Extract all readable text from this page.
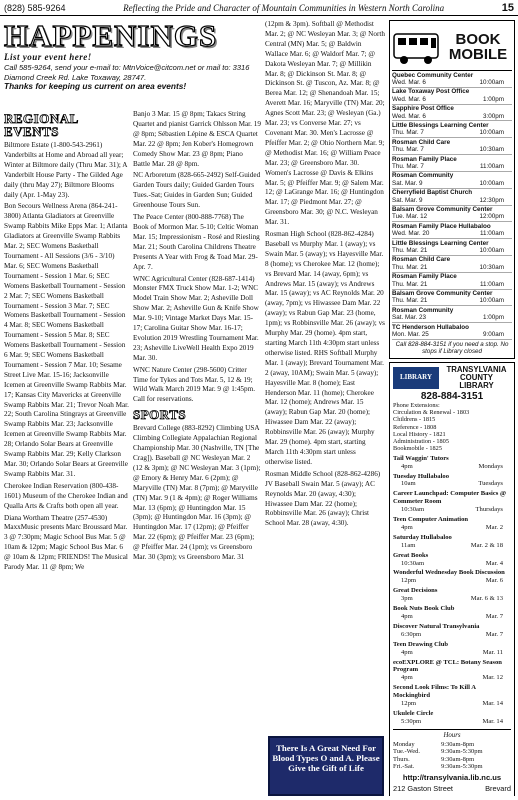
(828) 585-9264	Reflecting the Pride and Character of Mountain Communities in Western North Carolina	15
HAPPENINGS
List your event here!
Call 585-9264, send your e-mail to: MtnVoice@citcom.net or mail to: 3316 Diamond Creek Rd. Lake Toxaway, 28747.
Thanks for keeping us current on area events!
REGIONAL EVENTS
Biltmore Estate (1-800-543-2961) Vanderbilts at Home and Abroad all year; Winter at Biltmore daily (Thru Mar. 31); A Vanderbilt House Party - The Gilded Age daily (thru May 27); Biltmore Blooms daily (Apr. 1-May 23).
Bon Secours Wellness Arena (864-241-3800) Atlanta Gladiators at Greenville Swamp Rabbits Mike Epps Mar. 1; Atlanta Gladiators at Greenville Swamp Rabbits Mar. 2; SEC Womens Basketball Tournament - All Sessions (3/6 - 3/10) Mar. 6; SEC Womens Basketball Tournament - Session 1 Mar. 6; SEC Womens Basketball Tournament - Session 2 Mar. 7; SEC Womens Basketball Tournament - Session 3 Mar. 7; SEC Womens Basketball Tournament - Session 4 Mar. 8; SEC Womens Basketball Tournament - Session 5 Mar. 8; SEC Womens Basketball Tournament - Session 6 Mar. 9; SEC Womens Basketball Tournament - Session 7 Mar. 10; Sesame Street Live Mar. 15-16; Jacksonville Icemen at Greenville Swamp Rabbits Mar. 17; Kansas City Mavericks at Greenville Swamp Rabbits Mar. 21; Trevor Noah Mar. 22; South Carolina Stingrays at Greenville Swamp Rabbits Mar. 23; Jacksonville Icemen at Greenville Swamp Rabbits Mar. 28; Orlando Solar Bears at Greenville Swamp Rabbits Mar. 29; Kelly Clarkson Mar. 30; Orlando Solar Bears at Greenville Swamp Rabbits Mar. 31.
Cherokee Indian Reservation (800-438-1601) Museum of the Cherokee Indian and Qualla Arts & Crafts both open all year.
Diana Wortham Theatre (257-4530) MaxxMusic presents Marc Broussard Mar. 3 @ 7:30pm; Magic School Bus Mar. 5 @ 10am & 12pm; Magic School Bus Mar. 6 @ 10am & 12pm; FRIENDS! The Musical Parody Mar. 11 @ 8pm; We
Banjo 3 Mar. 15 @ 8pm; Takacs String Quartet and pianist Garrick Ohlsson Mar. 19 @ 8pm; Sébastien Lépine & ESCA Quartet Mar. 22 @ 8pm; Jen Kober's Homegrown Comedy Show Mar. 23 @ 8pm; Piano Battle Mar. 28 @ 8pm.
NC Arboretum (828-665-2492) Self-Guided Garden Tours daily; Guided Garden Tours Tues.-Sat; Guides in Garden Sun; Guided Greenhouse Tours Sun.
The Peace Center (800-888-7768) The Book of Mormon Mar. 5-10; Celtic Woman Mar. 15; Impressionism - Rosé and Riesling Mar. 21; South Carolina Childrens Theatre Presents A Year with Frog & Toad Mar. 29-Apr. 7.
WNC Agricultural Center (828-687-1414) Monster FMX Truck Show Mar. 1-2; WNC Model Train Show Mar. 2; Asheville Doll Show Mar. 2; Asheville Gun & Knife Show Mar. 9-10; Vintage Market Days Mar. 15-17; Carolina Guitar Show Mar. 16-17; Evolution 2019 Wrestling Tournament Mar. 23; Asheville LiveWell Health Expo 2019 Mar. 30.
WNC Nature Center (298-5600) Critter Time for Tykes and Tots Mar. 5, 12 & 19; Wild Walk March 2019 Mar. 9 @ 1:45pm. Call for reservations.
SPORTS
Brevard College (883-8292) Climbing USA Climbing Collegiate Appalachian Regional Championship Mar. 30 (Nashville, TN [The Crag]). Baseball @ NC Wesleyan Mar. 2 (12 & 3pm); @ NC Wesleyan Mar. 3 (1pm); @ Emory & Henry Mar. 6 (2pm); @ Maryville (TN) Mar. 8 (7pm); @ Maryville (TN) Mar. 9 (1 & 4pm); @ Roger Williams Mar. 13 (6pm); @ Huntingdon Mar. 15 (3pm); @ Huntingdon Mar. 16 (3pm); @ Huntingdon Mar. 17 (12pm); @ Pfeiffer Mar. 22 (6pm); @ Pfeiffer Mar. 23 (6pm); @ Pfeiffer Mar. 24 (1pm); vs Greensboro Mar. 30 (3pm); vs Greensboro Mar. 31
(12pm & 3pm). Softball @ Methodist Mar. 2; @ NC Wesleyan Mar. 3; @ North Central (MN) Mar. 5; @ Baldwin Wallace Mar. 6; @ Waldorf Mar. 7; @ Dakota Wesleyan Mar. 7; @ Millikin Mar. 8; @ Dickinson St. Mar. 8; @ Dickinson St. @ Tuscon, Az. Mar. 8; @ Berea Mar. 12; @ Shenandoah Mar. 15; Averett Mar. 16; Maryville (TN) Mar. 20; Agnes Scott Mar. 23; @ Wesleyan (Ga.) Mar. 23; vs Converse Mar. 27; vs Covenant Mar. 30. Men's Lacrosse @ Pfeiffer Mar. 2; @ Ohio Northern Mar. 9; @ Methodist Mar. 16; @ William Peace Mar. 23; @ Greensboro Mar. 30. Women's Lacrosse @ Davis & Elkins Mar. 5; @ Pfeiffer Mar. 9; @ Salem Mar. 12; @ LaGrange Mar. 16; @ Huntingdon Mar. 17; @ Piedmont Mar. 27; @ Greensboro Mar. 30; @ N.C. Wesleyan Mar. 31.
Rosman High School (828-862-4284) Baseball vs Murphy Mar. 1 (away); vs Swain Mar. 5 (away); vs Hayesville Mar. 8 (home); vs Cherokee Mar. 12 (home); vs Brevard Mar. 14 (away, 6pm); vs Andrews Mar. 15 (away); vs Andrews Mar. 15 (away); vs AC Reynolds Mar. 20 (away, 7pm); vs Hiwassee Dam Mar. 22 (away); vs Rabun Gap Mar. 23 (home, 1pm); vs Robbinsville Mar. 26 (away); vs Murphy Mar. 29 (home). 4pm start, starting March 11th 4:30pm start unless otherwise listed. RHS Softball Murphy Mar. 1 (away); Brevard Tournament Mar. 2 (away, 10AM); Swain Mar. 5 (away); Hayesville Mar. 8 (home); East Henderson Mar. 11 (home); Cherokee Mar. 12 (home); Andrews Mar. 15 (away); Rabun Gap Mar. 20 (home); Hiwassee Dam Mar. 22 (away); Robbinsville Mar. 26 (away); Murphy Mar. 29 (home). 4pm start, starting March 11th 4:30pm start unless otherwise listed.
Rosman Middle School (828-862-4286) JV Baseball Swain Mar. 5 (away); AC Reynolds Mar. 20 (away, 4:30); Hiwassee Dam Mar. 22 (home); Robbinsville Mar. 26 (away); Christ School Mar. 28 (away, 4:30).
There Is A Great Need For Blood Types O and A. Please Give the Gift of Life
BOOK
MOBILE
Quebec Community Center
Wed. Mar. 6	10:00am
Lake Toxaway Post Office
Wed. Mar. 6	1:00pm
Sapphire Post Office
Wed. Mar. 6	3:00pm
Little Blessings Learning Center
Thu. Mar. 7	10:00am
Rosman Child Care
Thu. Mar. 7	10:30am
Rosman Family Place
Thu. Mar. 7	11:00am
Rosman Community
Sat. Mar. 9	10:00am
Cherryfield Baptist Church
Sat. Mar. 9	12:30pm
Balsam Grove Community Center
Tue. Mar. 12	12:00pm
Rosman Family Place Hullabaloo
Wed. Mar. 20	11:00am
Little Blessings Learning Center
Thu. Mar. 21	10:00am
Rosman Child Care
Thu. Mar. 21	10:30am
Rosman Family Place
Thu. Mar. 21	11:00am
Balsam Grove Community Center
Thu. Mar. 21	10:00am
Rosman Community
Sat. Mar. 23	1:00pm
TC Henderson Hullabaloo
Mon. Mar. 25	9:00am
Call 828-884-3151 if you need a stop. No stops if Library closed
LIBRARY
TRANSYLVANIA COUNTY LIBRARY
828-884-3151
Phone Extensions:
Circulation & Renewal - 1803
Childrens - 1815
Reference - 1808
Local History - 1821
Administration - 1805
Bookmobile - 1825
Tail Waggin' Tutors
4pm	Mondays
Tuesday Hullabaloo
10am	Tuesdays
Career Launchpad: Computer Basics @ Commeter Room
10:30am	Thursdays
Teen Computer Animation
4pm	Mar. 2
Saturday Hullabaloo
11am	Mar. 2 & 18
Great Books
10:30am	Mar. 4
Wonderful Wednesday Book Discussion
12pm	Mar. 6
Great Decisions
3pm	Mar. 6 & 13
Book Nuts Book Club
4pm	Mar. 7
Discover Natural Transylvania
6:30pm	Mar. 7
Teen Drawing Club
4pm	Mar. 11
ecoEXPLORE @ TCL: Botany Season Program
4pm	Mar. 12
Second Look Films: To Kill A Mockingbird
12pm	Mar. 14
Ukulele Circle
5:30pm	Mar. 14
Hours
Monday	9:30am-8pm
Tue.-Wed.	9:30am-5:30pm
Thurs.	9:30am-8pm
Fri.-Sat.	9:30am-5:30pm
http://transylvania.lib.nc.us
212 Gaston Street	Brevard
